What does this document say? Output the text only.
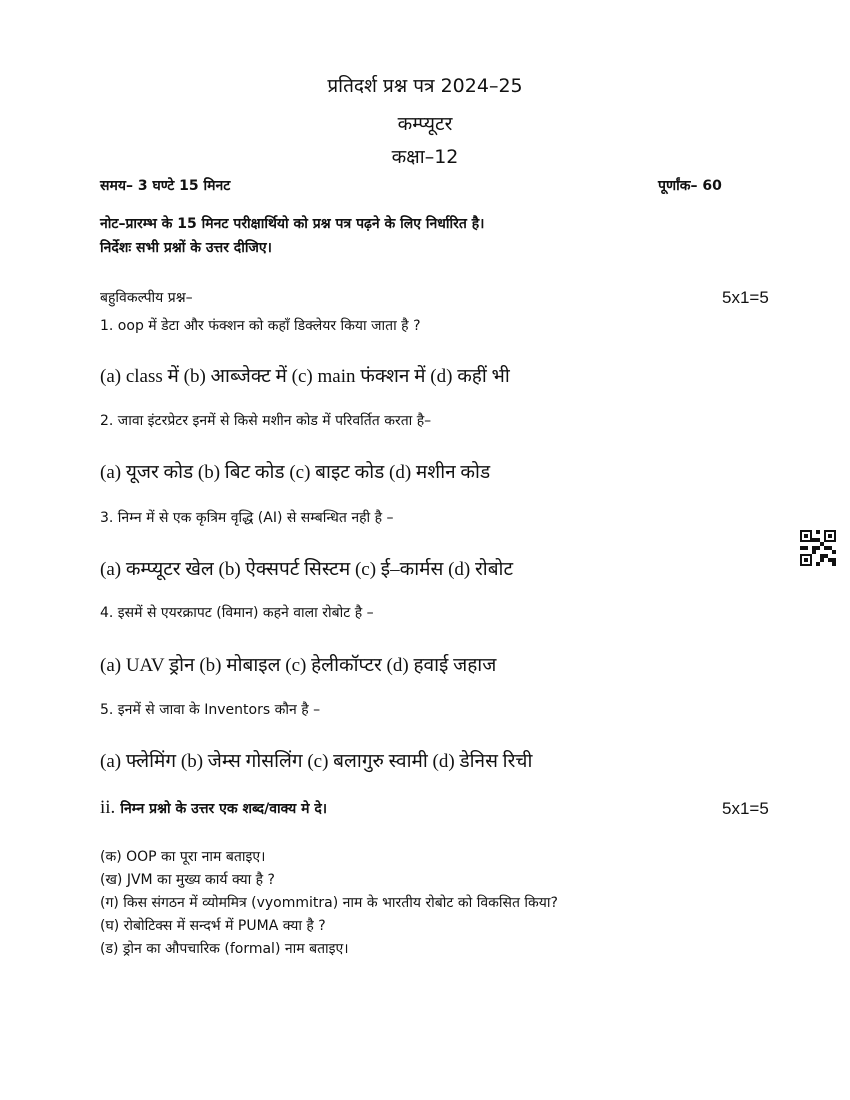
प्रतिदर्श प्रश्न पत्र 2024–25
कम्प्यूटर
कक्षा–12
समय– 3 घण्टे 15 मिनट	पूर्णांक– 60
नोट–प्रारम्भ के 15 मिनट परीक्षार्थियो को प्रश्न पत्र पढ़ने के लिए निर्धारित है।
निर्देशः सभी प्रश्नों के उत्तर दीजिए।
बहुविकल्पीय प्रश्न–	5x1=5
1. oop में डेटा और फंक्शन को कहाँ डिक्लेयर किया जाता है ?
(a) class में (b) आब्जेक्ट में (c) main फंक्शन में (d) कहीं भी
2. जावा इंटरप्रेटर इनमें से किसे मशीन कोड में परिवर्तित करता है–
(a) यूजर कोड (b) बिट कोड (c) बाइट कोड (d) मशीन कोड
3. निम्न में से एक कृत्रिम वृद्धि (AI) से सम्बन्धित नही है –
(a) कम्प्यूटर खेल (b) ऐक्सपर्ट सिस्टम (c) ई–कार्मस (d) रोबोट
4. इसमें से एयरक्रापट (विमान) कहने वाला रोबोट है –
(a) UAV ड्रोन (b) मोबाइल (c) हेलीकॉप्टर (d) हवाई जहाज
5. इनमें से जावा के Inventors कौन है –
(a) फ्लेमिंग (b) जेम्स गोसलिंग (c) बलागुरु स्वामी (d) डेनिस रिची
ii. निम्न प्रश्नो के उत्तर एक शब्द/वाक्य मे दे।	5x1=5
(क) OOP का पूरा नाम बताइए।
(ख) JVM का मुख्य कार्य क्या है ?
(ग) किस संगठन में व्योममित्र (vyommitra) नाम के भारतीय रोबोट को विकसित किया?
(घ) रोबोटिक्स में सन्दर्भ में PUMA क्या है ?
(ड) ड्रोन का औपचारिक (formal) नाम बताइए।
